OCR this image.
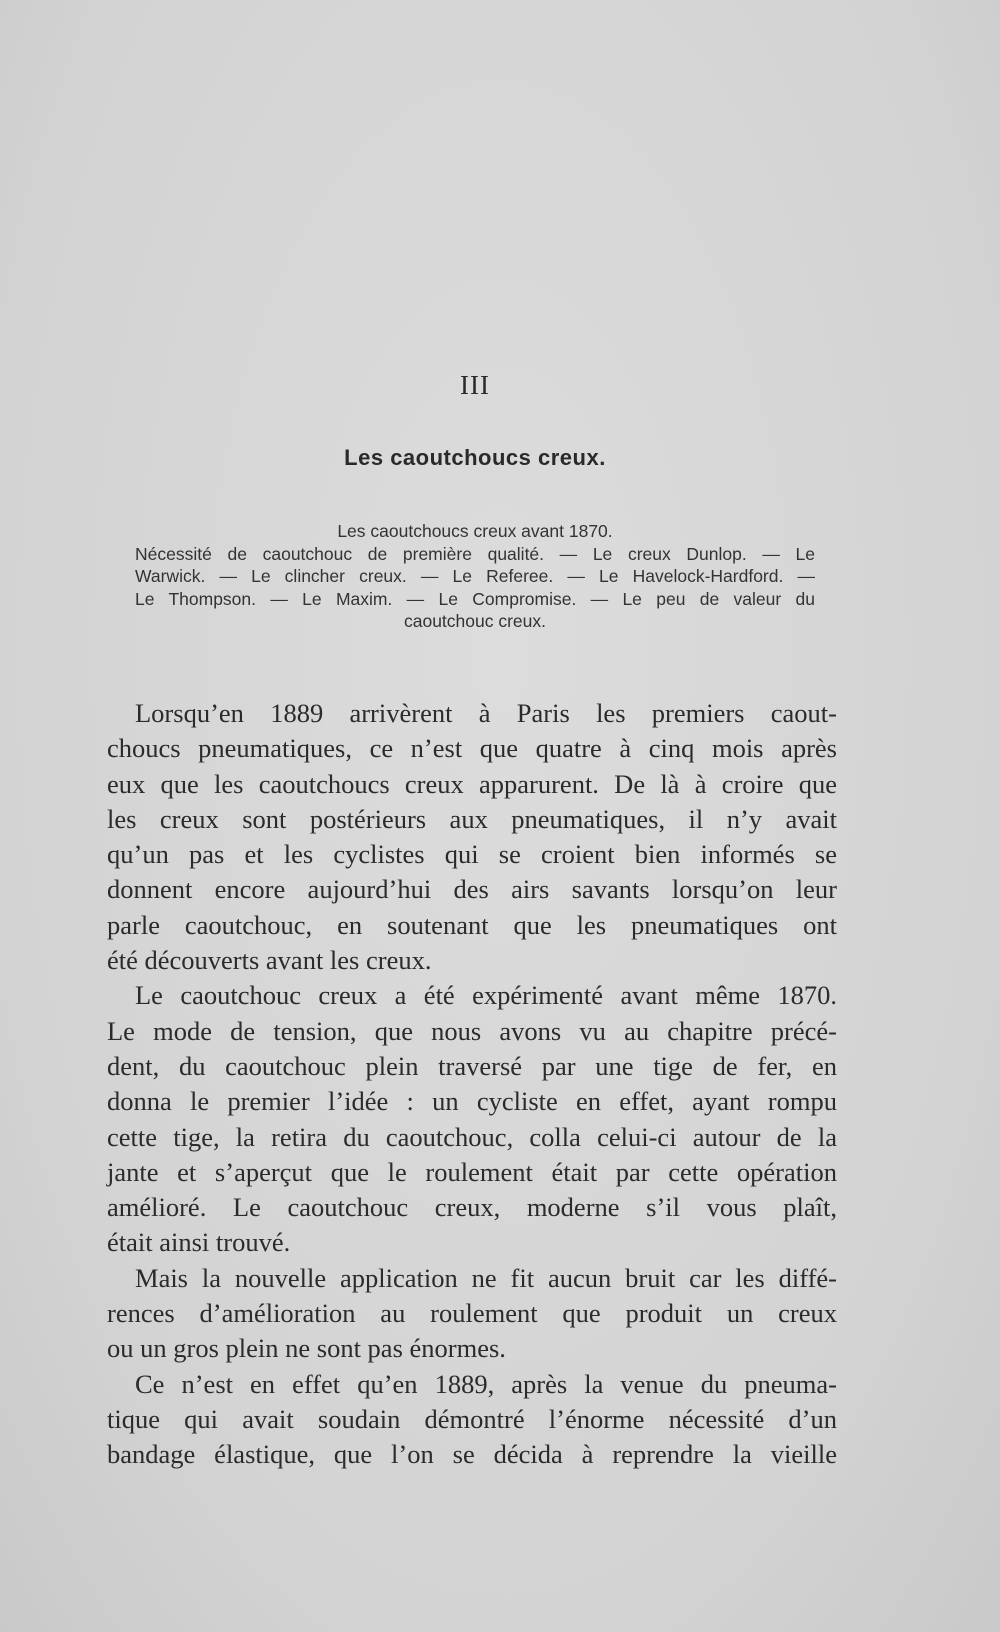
III
Les caoutchoucs creux.
Les caoutchoucs creux avant 1870.
Nécessité de caoutchouc de première qualité. — Le creux Dunlop. — Le
Warwick. — Le clincher creux. — Le Referee. — Le Havelock-Hardford. —
Le Thompson. — Le Maxim. — Le Compromise. — Le peu de valeur du
caoutchouc creux.
Lorsqu’en 1889 arrivèrent à Paris les premiers caout-
choucs pneumatiques, ce n’est que quatre à cinq mois après
eux que les caoutchoucs creux apparurent. De là à croire que
les creux sont postérieurs aux pneumatiques, il n’y avait
qu’un pas et les cyclistes qui se croient bien informés se
donnent encore aujourd’hui des airs savants lorsqu’on leur
parle caoutchouc, en soutenant que les pneumatiques ont
été découverts avant les creux.
Le caoutchouc creux a été expérimenté avant même 1870.
Le mode de tension, que nous avons vu au chapitre précé-
dent, du caoutchouc plein traversé par une tige de fer, en
donna le premier l’idée : un cycliste en effet, ayant rompu
cette tige, la retira du caoutchouc, colla celui-ci autour de la
jante et s’aperçut que le roulement était par cette opération
amélioré. Le caoutchouc creux, moderne s’il vous plaît,
était ainsi trouvé.
Mais la nouvelle application ne fit aucun bruit car les diffé-
rences d’amélioration au roulement que produit un creux
ou un gros plein ne sont pas énormes.
Ce n’est en effet qu’en 1889, après la venue du pneuma-
tique qui avait soudain démontré l’énorme nécessité d’un
bandage élastique, que l’on se décida à reprendre la vieille
